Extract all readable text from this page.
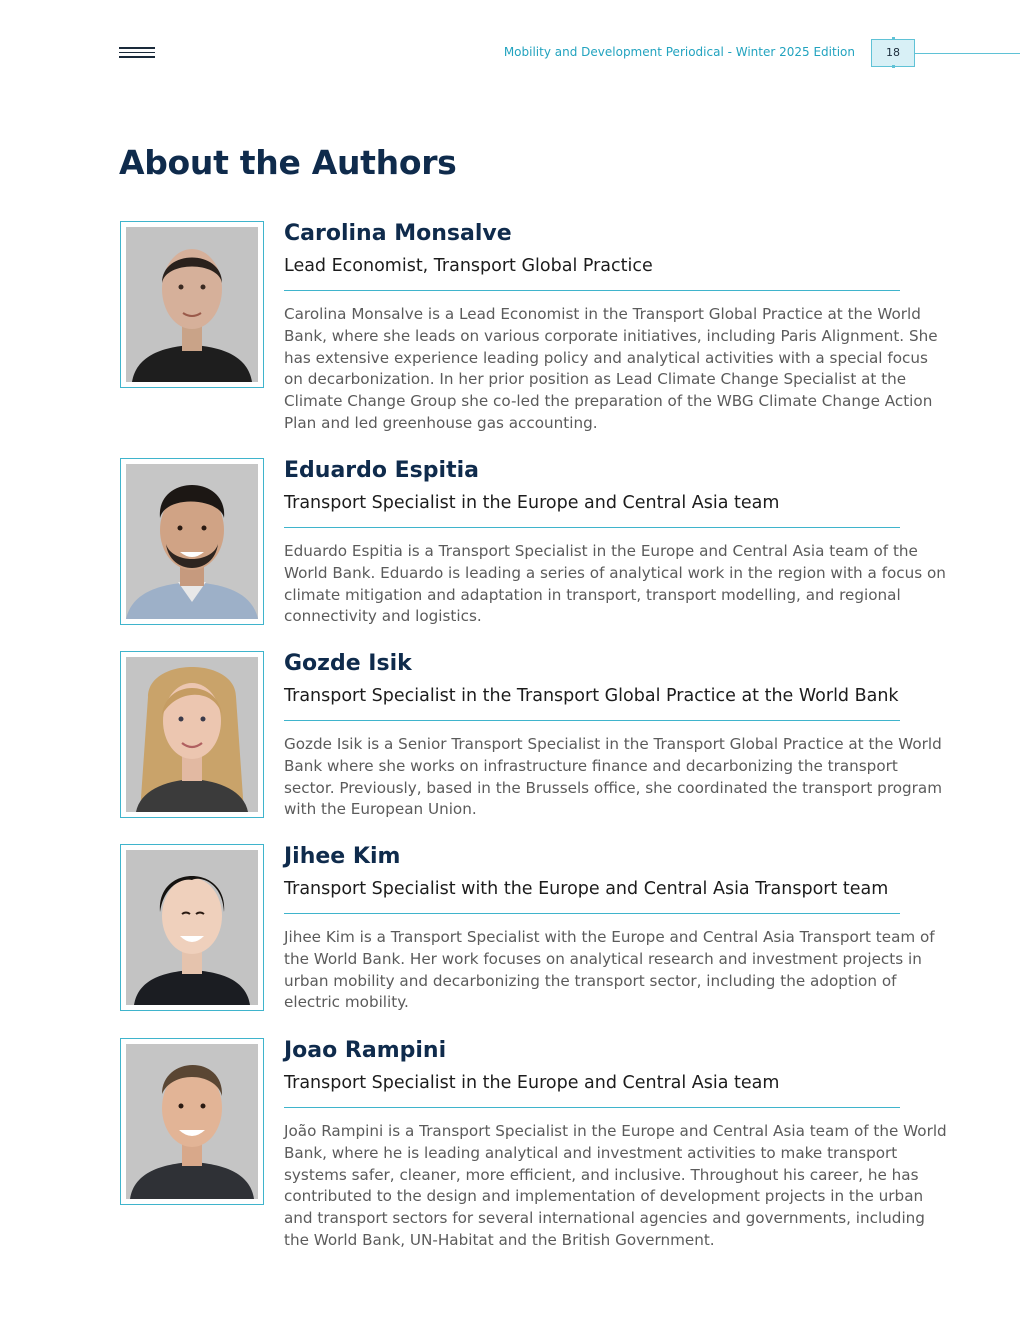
Mobility and Development Periodical - Winter 2025 Edition	18
About the Authors
Carolina Monsalve

Lead Economist, Transport Global Practice

Carolina Monsalve is a Lead Economist in the Transport Global Practice at the World Bank, where she leads on various corporate initiatives, including Paris Alignment. She has extensive experience leading policy and analytical activities with a special focus on decarbonization. In her prior position as Lead Climate Change Specialist at the Climate Change Group she co-led the preparation of the WBG Climate Change Action Plan and led greenhouse gas accounting.

Eduardo Espitia

Transport Specialist in the Europe and Central Asia team

Eduardo Espitia is a Transport Specialist in the Europe and Central Asia team of the World Bank. Eduardo is leading a series of analytical work in the region with a focus on climate mitigation and adaptation in transport, transport modelling, and regional connectivity and logistics.

Gozde Isik

Transport Specialist in the Transport Global Practice at the World Bank

Gozde Isik is a Senior Transport Specialist in the Transport Global Practice at the World Bank where she works on infrastructure finance and decarbonizing the transport sector. Previously, based in the Brussels office, she coordinated the transport program with the European Union.

Jihee Kim

Transport Specialist with the Europe and Central Asia Transport team

Jihee Kim is a Transport Specialist with the Europe and Central Asia Transport team of the World Bank. Her work focuses on analytical research and investment projects in urban mobility and decarbonizing the transport sector, including the adoption of electric mobility.

Joao Rampini

Transport Specialist in the Europe and Central Asia team

João Rampini is a Transport Specialist in the Europe and Central Asia team of the World Bank, where he is leading analytical and investment activities to make transport systems safer, cleaner, more efficient, and inclusive. Throughout his career, he has contributed to the design and implementation of development projects in the urban and transport sectors for several international agencies and governments, including the World Bank, UN-Habitat and the British Government.
